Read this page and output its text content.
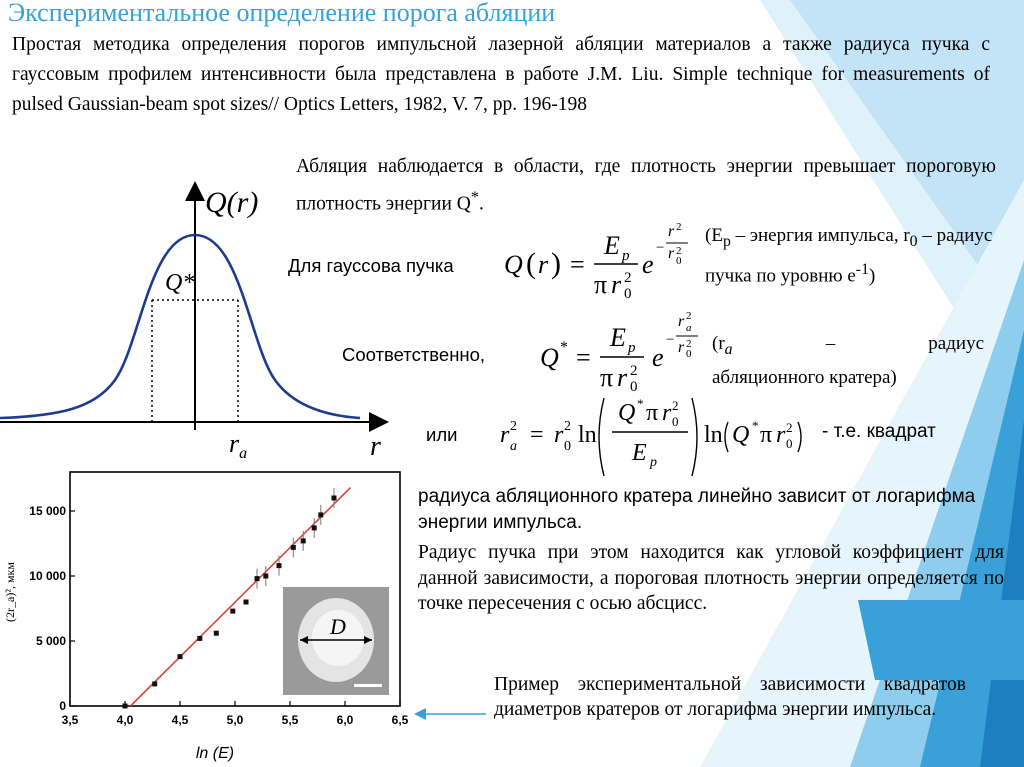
Экспериментальное определение порога абляции

Простая методика определения порогов импульсной лазерной абляции материалов а также радиуса пучка с гауссовым профилем интенсивности была представлена в работе J.M. Liu. Simple technique for measurements of pulsed Gaussian-beam spot sizes// Optics Letters, 1982, V. 7, pp. 196-198

Абляция наблюдается в области, где плотность энергии превышает пороговую плотность энергии Q*.

Q(r)
Q*
$r_a$	r
Для гауссова пучка Q ( r ) =
E p
π r 2
0
e
−
r 2
r 2
0

($E_p$ – энергия импульса, $r_0$ – радиус пучка по уровню $e^{-1}$)

Соответственно, Q * =
E p
π r 2
0
e
−
r 2
a
r 2
0 ($r_a$	–	радиус
абляционного кратера)
или r 2
a = r 2
0 ln
Q * π r 2
0
E p
ln Q * π r 2
0
- т.е. квадрат

радиуса абляционного кратера линейно зависит от логарифма энергии импульса.

Радиус пучка при этом находится как угловой коэффициент для данной зависимости, а пороговая плотность энергии определяется по точке пересечения с осью абсцисс.

3,5	4,0	4,5	5,0	5,5	6,0	6,5
0
5 000
10 000
15 000
D
ln (E)
(2r_a)², мкм

Пример экспериментальной зависимости квадратов диаметров кратеров от логарифма энергии импульса.
